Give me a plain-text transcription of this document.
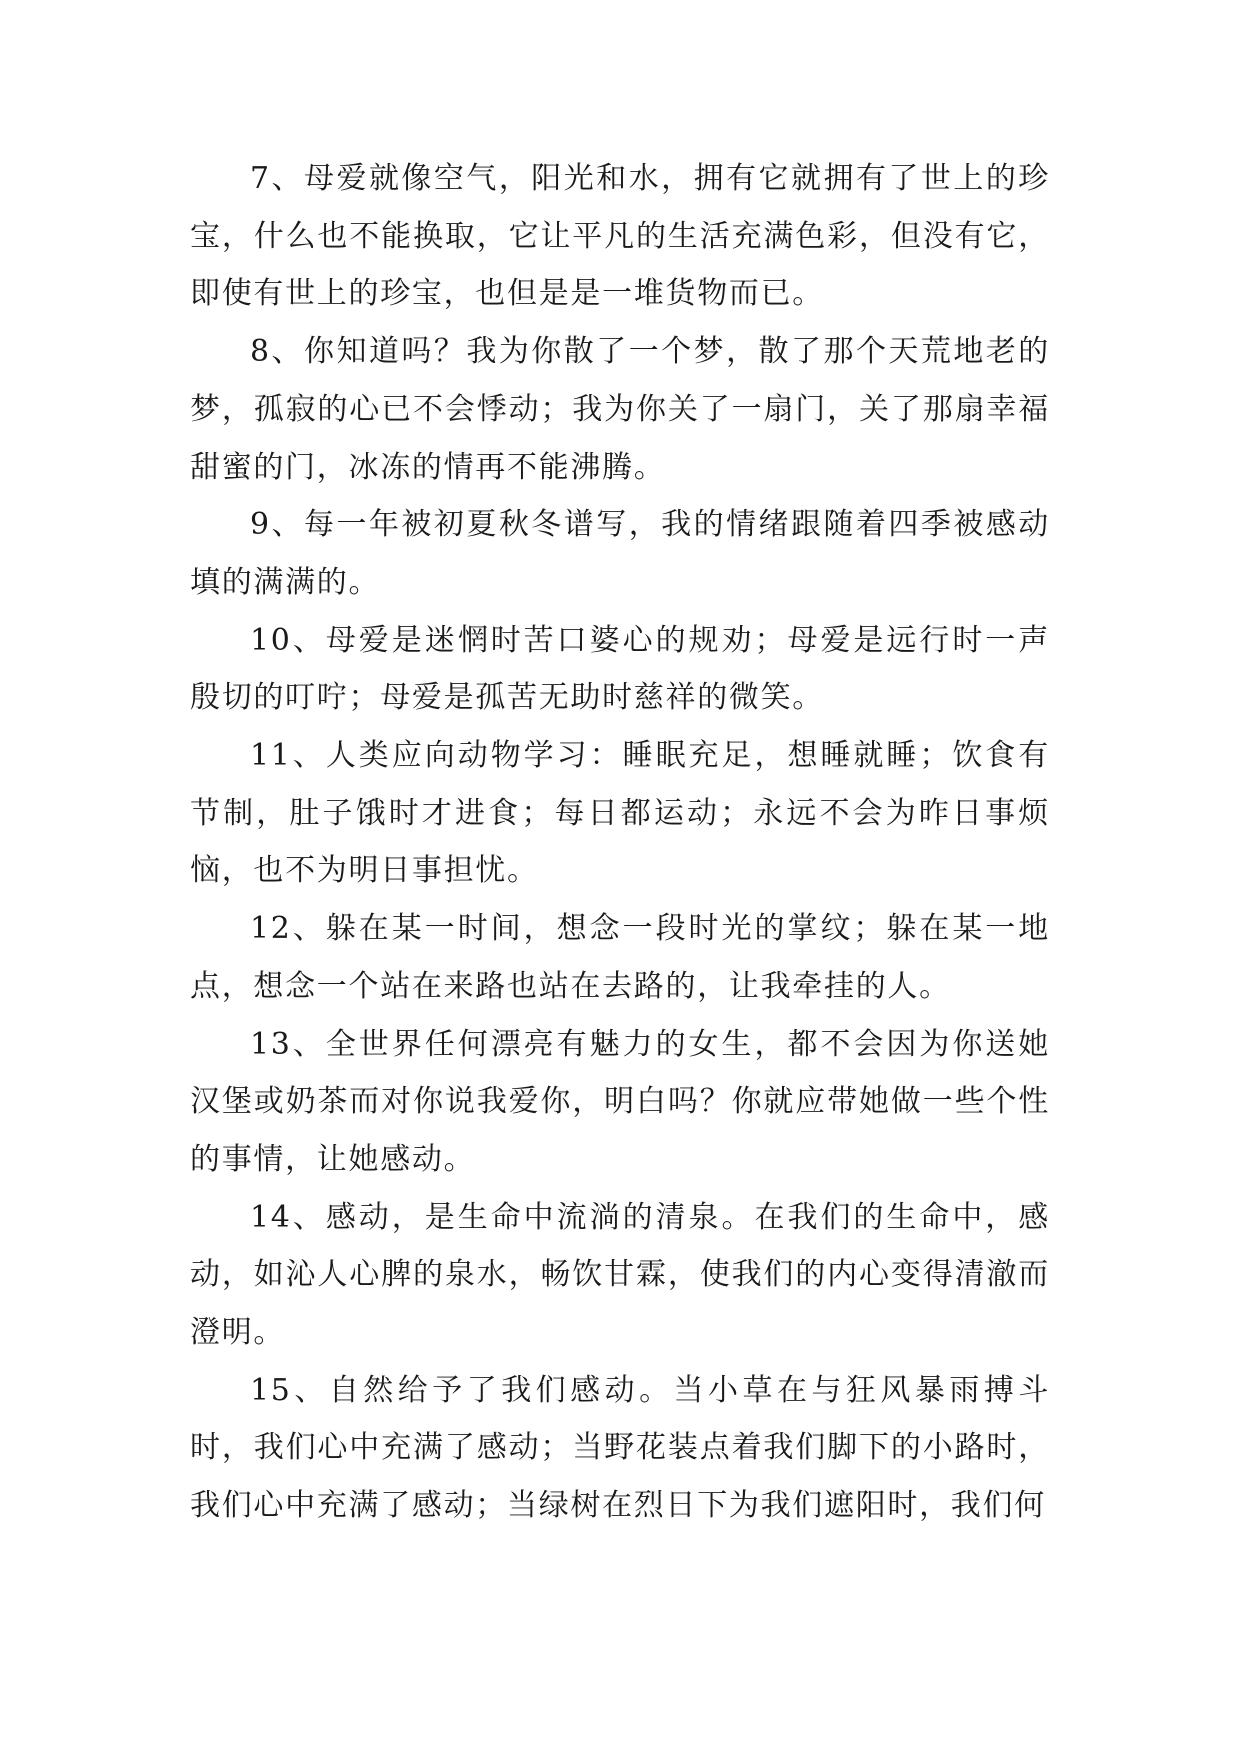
7、母爱就像空气，阳光和水，拥有它就拥有了世上的珍宝，什么也不能换取，它让平凡的生活充满色彩，但没有它，即使有世上的珍宝，也但是是一堆货物而已。

8、你知道吗？我为你散了一个梦，散了那个天荒地老的梦，孤寂的心已不会悸动；我为你关了一扇门，关了那扇幸福甜蜜的门，冰冻的情再不能沸腾。

9、每一年被初夏秋冬谱写，我的情绪跟随着四季被感动填的满满的。

10、母爱是迷惘时苦口婆心的规劝；母爱是远行时一声殷切的叮咛；母爱是孤苦无助时慈祥的微笑。

11、人类应向动物学习：睡眠充足，想睡就睡；饮食有节制，肚子饿时才进食；每日都运动；永远不会为昨日事烦恼，也不为明日事担忧。

12、躲在某一时间，想念一段时光的掌纹；躲在某一地点，想念一个站在来路也站在去路的，让我牵挂的人。

13、全世界任何漂亮有魅力的女生，都不会因为你送她汉堡或奶茶而对你说我爱你，明白吗？你就应带她做一些个性的事情，让她感动。

14、感动，是生命中流淌的清泉。在我们的生命中，感动，如沁人心脾的泉水，畅饮甘霖，使我们的内心变得清澈而澄明。

15、自然给予了我们感动。当小草在与狂风暴雨搏斗时，我们心中充满了感动；当野花装点着我们脚下的小路时，我们心中充满了感动；当绿树在烈日下为我们遮阳时，我们何
